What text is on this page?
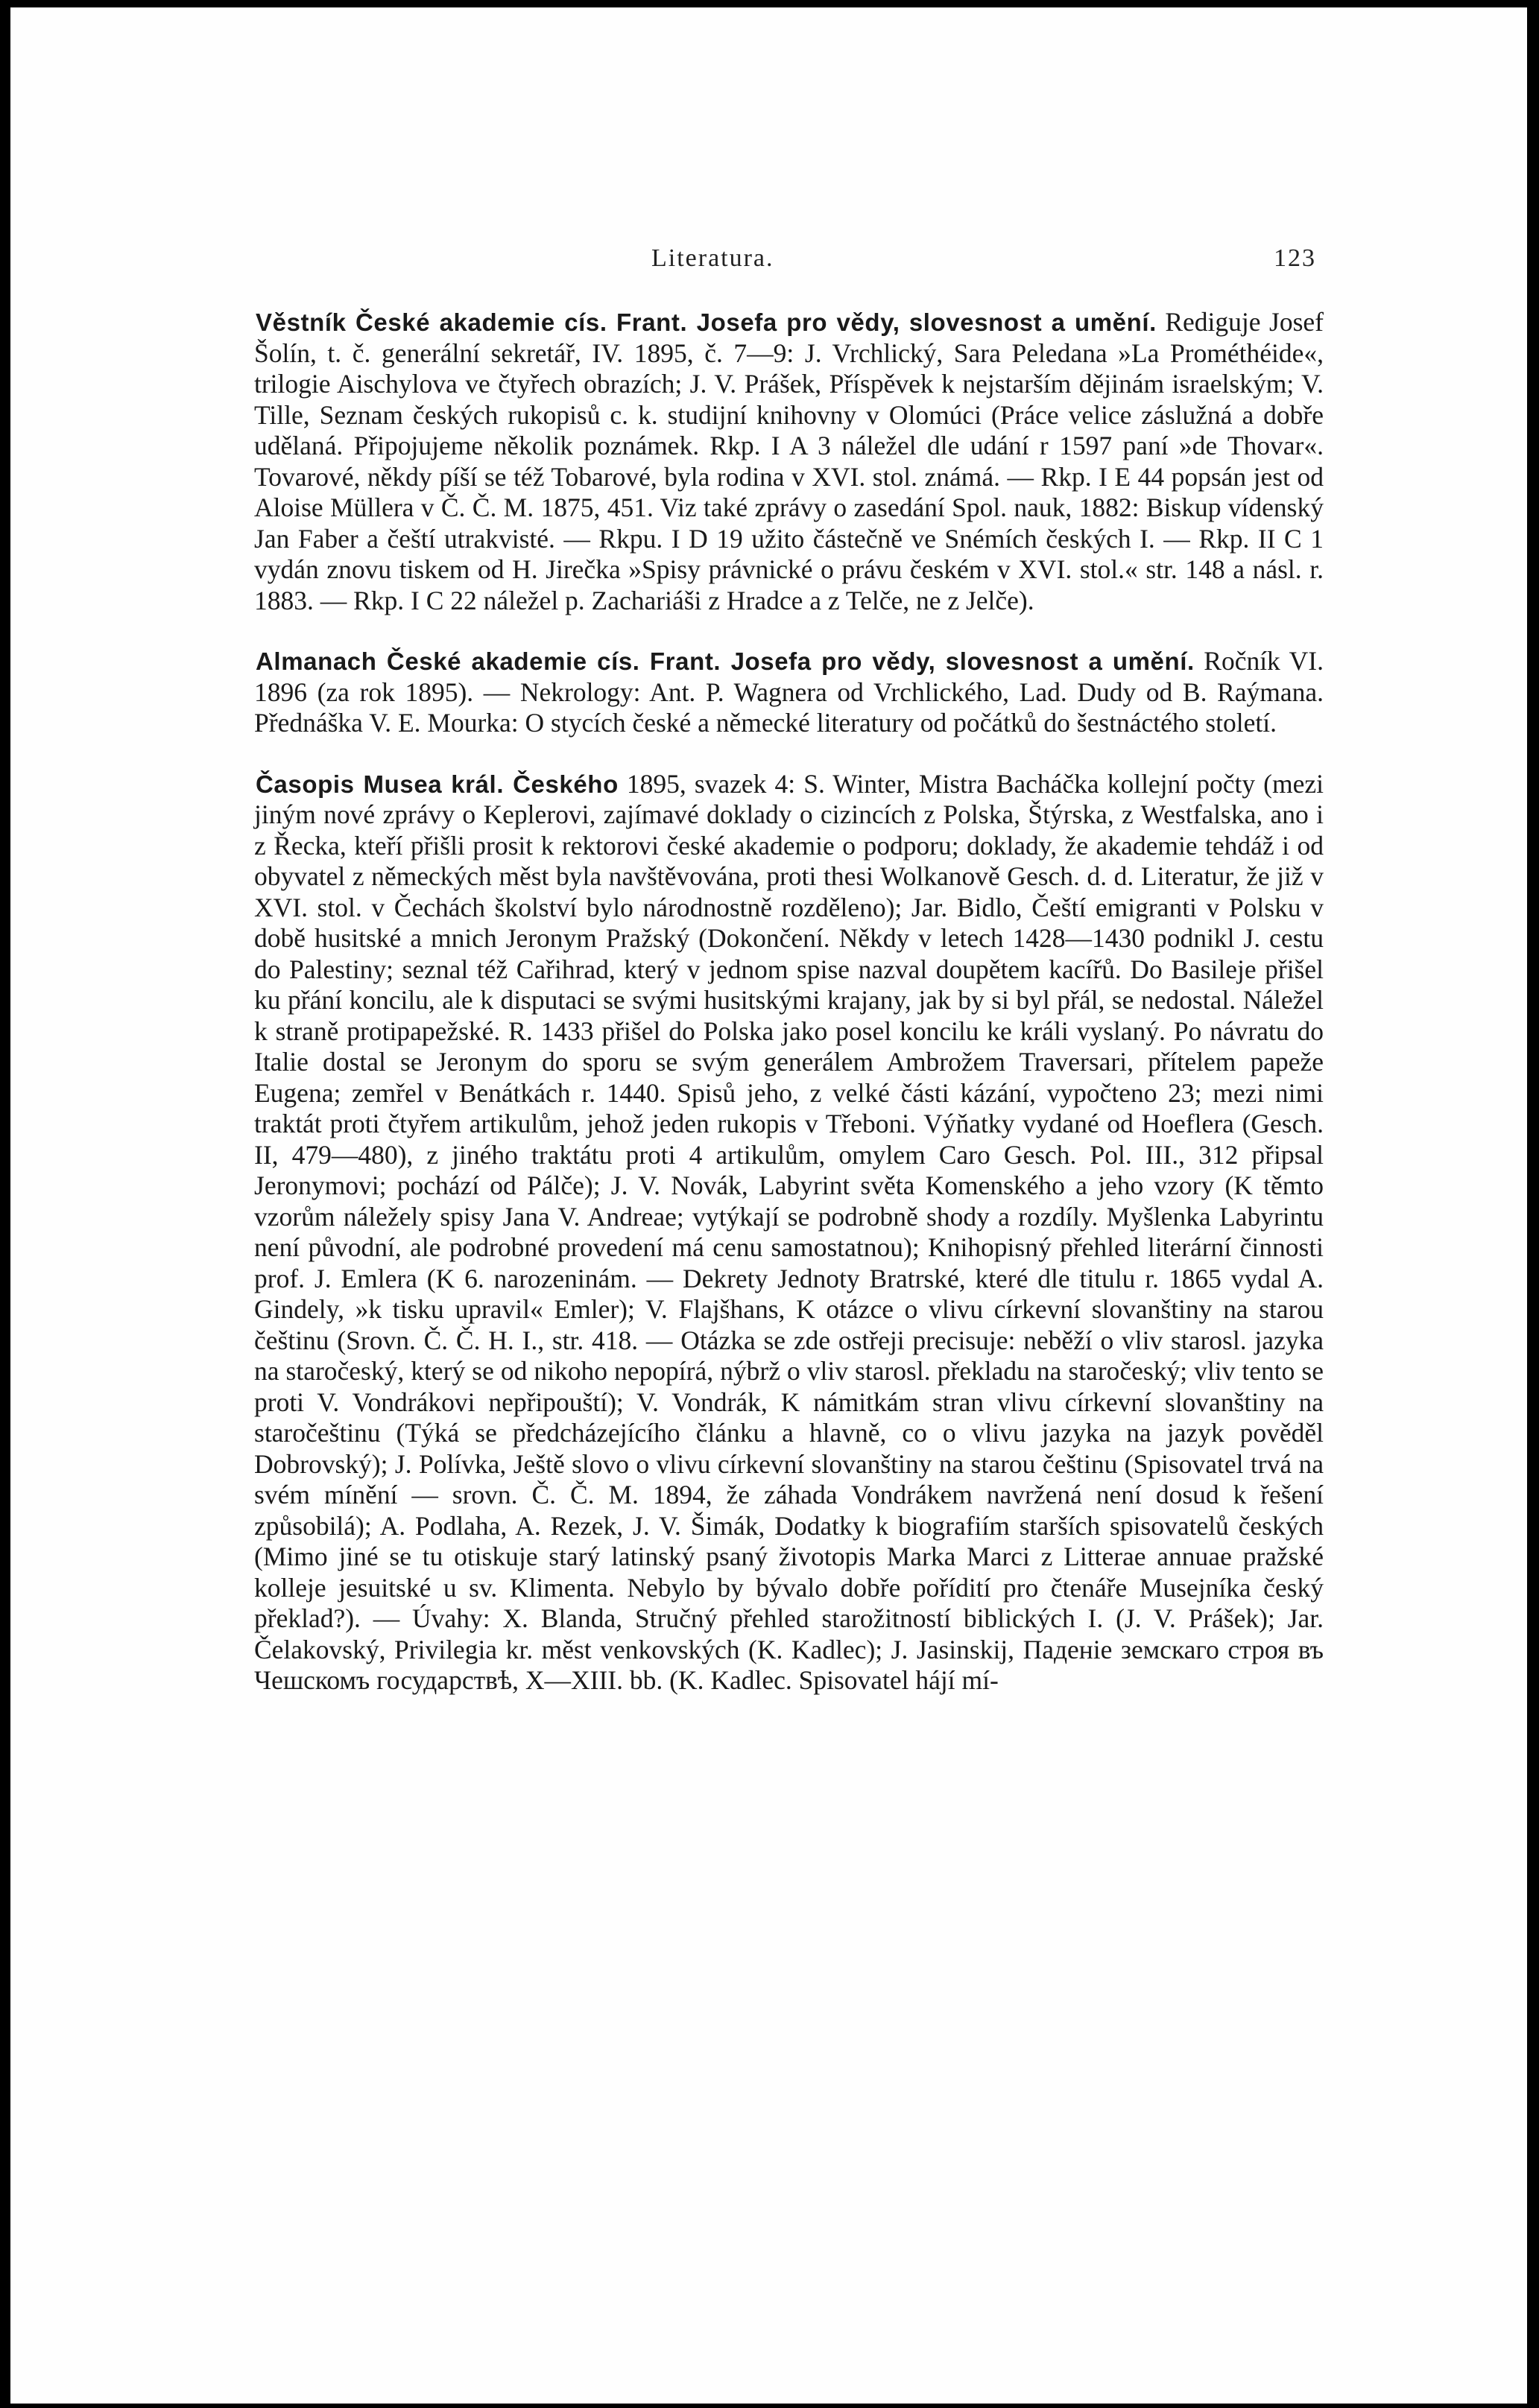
Literatura.	123

Věstník České akademie cís. Frant. Josefa pro vědy, slovesnost a umění. Rediguje Josef Šolín, t. č. generální sekretář, IV. 1895, č. 7—9: J. Vrchlický, Sara Peledana »La Prométhéide«, trilogie Aischylova ve čtyřech obrazích; J. V. Prášek, Příspěvek k nejstarším dějinám israelským; V. Tille, Seznam českých rukopisů c. k. studijní knihovny v Olomúci (Práce velice záslužná a dobře udělaná. Připojujeme několik poznámek. Rkp. I A 3 náležel dle udání r 1597 paní »de Thovar«. Tovarové, někdy píší se též Tobarové, byla rodina v XVI. stol. známá. — Rkp. I E 44 popsán jest od Aloise Müllera v Č. Č. M. 1875, 451. Viz také zprávy o zasedání Spol. nauk, 1882: Biskup vídenský Jan Faber a čeští utrakvisté. — Rkpu. I D 19 užito částečně ve Snémích českých I. — Rkp. II C 1 vydán znovu tiskem od H. Jirečka »Spisy právnické o právu českém v XVI. stol.« str. 148 a násl. r. 1883. — Rkp. I C 22 náležel p. Zachariáši z Hradce a z Telče, ne z Jelče).

Almanach České akademie cís. Frant. Josefa pro vědy, slovesnost a umění. Ročník VI. 1896 (za rok 1895). — Nekrology: Ant. P. Wagnera od Vrchlického, Lad. Dudy od B. Raýmana. Přednáška V. E. Mourka: O stycích české a německé literatury od počátků do šestnáctého století.

Časopis Musea král. Českého 1895, svazek 4: S. Winter, Mistra Bacháčka kollejní počty (mezi jiným nové zprávy o Keplerovi, zajímavé doklady o cizincích z Polska, Štýrska, z Westfalska, ano i z Řecka, kteří přišli prosit k rektorovi české akademie o podporu; doklady, že akademie tehdáž i od obyvatel z německých měst byla navštěvována, proti thesi Wolkanově Gesch. d. d. Literatur, že již v XVI. stol. v Čechách školství bylo národnostně rozděleno); Jar. Bidlo, Čeští emigranti v Polsku v době husitské a mnich Jeronym Pražský (Dokončení. Někdy v letech 1428—1430 podnikl J. cestu do Palestiny; seznal též Cařihrad, který v jednom spise nazval doupětem kacířů. Do Basileje přišel ku přání koncilu, ale k disputaci se svými husitskými krajany, jak by si byl přál, se nedostal. Náležel k straně protipapežské. R. 1433 přišel do Polska jako posel koncilu ke králi vyslaný. Po návratu do Italie dostal se Jeronym do sporu se svým generálem Ambrožem Traversari, přítelem papeže Eugena; zemřel v Benátkách r. 1440. Spisů jeho, z velké části kázání, vypočteno 23; mezi nimi traktát proti čtyřem artikulům, jehož jeden rukopis v Třeboni. Výňatky vydané od Hoeflera (Gesch. II, 479—480), z jiného traktátu proti 4 artikulům, omylem Caro Gesch. Pol. III., 312 připsal Jeronymovi; pochází od Pálče); J. V. Novák, Labyrint světa Komenského a jeho vzory (K těmto vzorům náležely spisy Jana V. Andreae; vytýkají se podrobně shody a rozdíly. Myšlenka Labyrintu není původní, ale podrobné provedení má cenu samostatnou); Knihopisný přehled literární činnosti prof. J. Emlera (K 6. narozeninám. — Dekrety Jednoty Bratrské, které dle titulu r. 1865 vydal A. Gindely, »k tisku upravil« Emler); V. Flajšhans, K otázce o vlivu církevní slovanštiny na starou češtinu (Srovn. Č. Č. H. I., str. 418. — Otázka se zde ostřeji precisuje: neběží o vliv starosl. jazyka na staročeský, který se od nikoho nepopírá, nýbrž o vliv starosl. překladu na staročeský; vliv tento se proti V. Vondrákovi nepřipouští); V. Vondrák, K námitkám stran vlivu církevní slovanštiny na staročeštinu (Týká se předcházejícího článku a hlavně, co o vlivu jazyka na jazyk pověděl Dobrovský); J. Polívka, Ještě slovo o vlivu církevní slovanštiny na starou češtinu (Spisovatel trvá na svém mínění — srovn. Č. Č. M. 1894, že záhada Vondrákem navržená není dosud k řešení způsobilá); A. Podlaha, A. Rezek, J. V. Šimák, Dodatky k biografiím starších spisovatelů českých (Mimo jiné se tu otiskuje starý latinský psaný životopis Marka Marci z Litterae annuae pražské kolleje jesuitské u sv. Klimenta. Nebylo by bývalo dobře pořídití pro čtenáře Musejníka český překlad?). — Úvahy: X. Blanda, Stručný přehled starožitností biblických I. (J. V. Prášek); Jar. Čelakovský, Privilegia kr. měst venkovských (K. Kadlec); J. Jasinskij, Паденіе земскаго строя въ Чешскомъ государствѣ, X—XIII. bb. (K. Kadlec. Spisovatel hájí mí-
